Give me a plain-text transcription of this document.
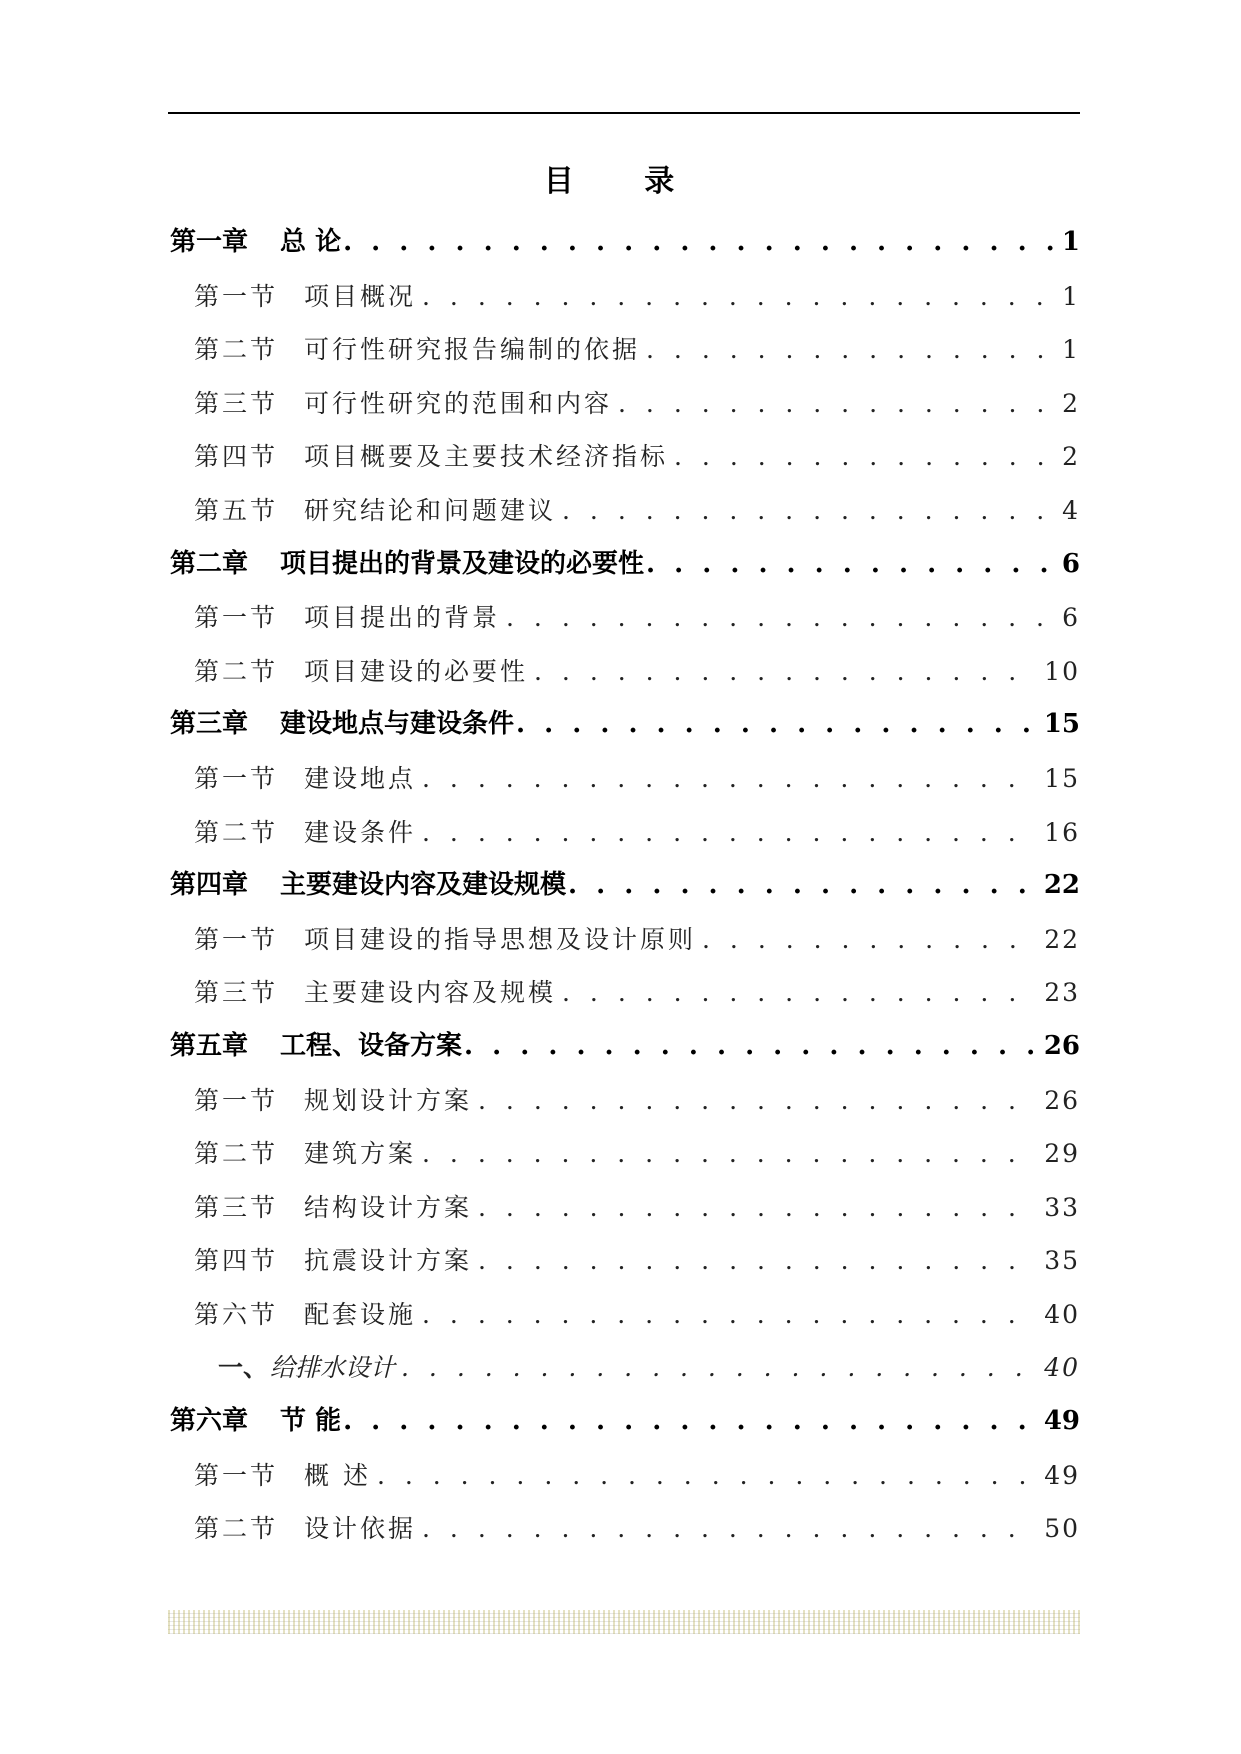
目 录
第一章 总 论 . . .	1
第一节 项目概况 . . .	1
第二节 可行性研究报告编制的依据 . . .	1
第三节 可行性研究的范围和内容 . . .	2
第四节 项目概要及主要技术经济指标 . . .	2
第五节 研究结论和问题建议 . . .	4
第二章 项目提出的背景及建设的必要性 . . .	6
第一节 项目提出的背景 . . .	6
第二节 项目建设的必要性 . . .	10
第三章 建设地点与建设条件 . . .	15
第一节 建设地点 . . .	15
第二节 建设条件 . . .	16
第四章 主要建设内容及建设规模 . . .	22
第一节 项目建设的指导思想及设计原则 . . .	22
第三节 主要建设内容及规模 . . .	23
第五章 工程、设备方案 . . .	26
第一节 规划设计方案 . . .	26
第二节 建筑方案 . . .	29
第三节 结构设计方案 . . .	33
第四节 抗震设计方案 . . .	35
第六节 配套设施 . . .	40
一、 给排水设计 . . .	40
第六章 节 能 . . .	49
第一节 概 述 . . .	49
第二节 设计依据 . . .	50
